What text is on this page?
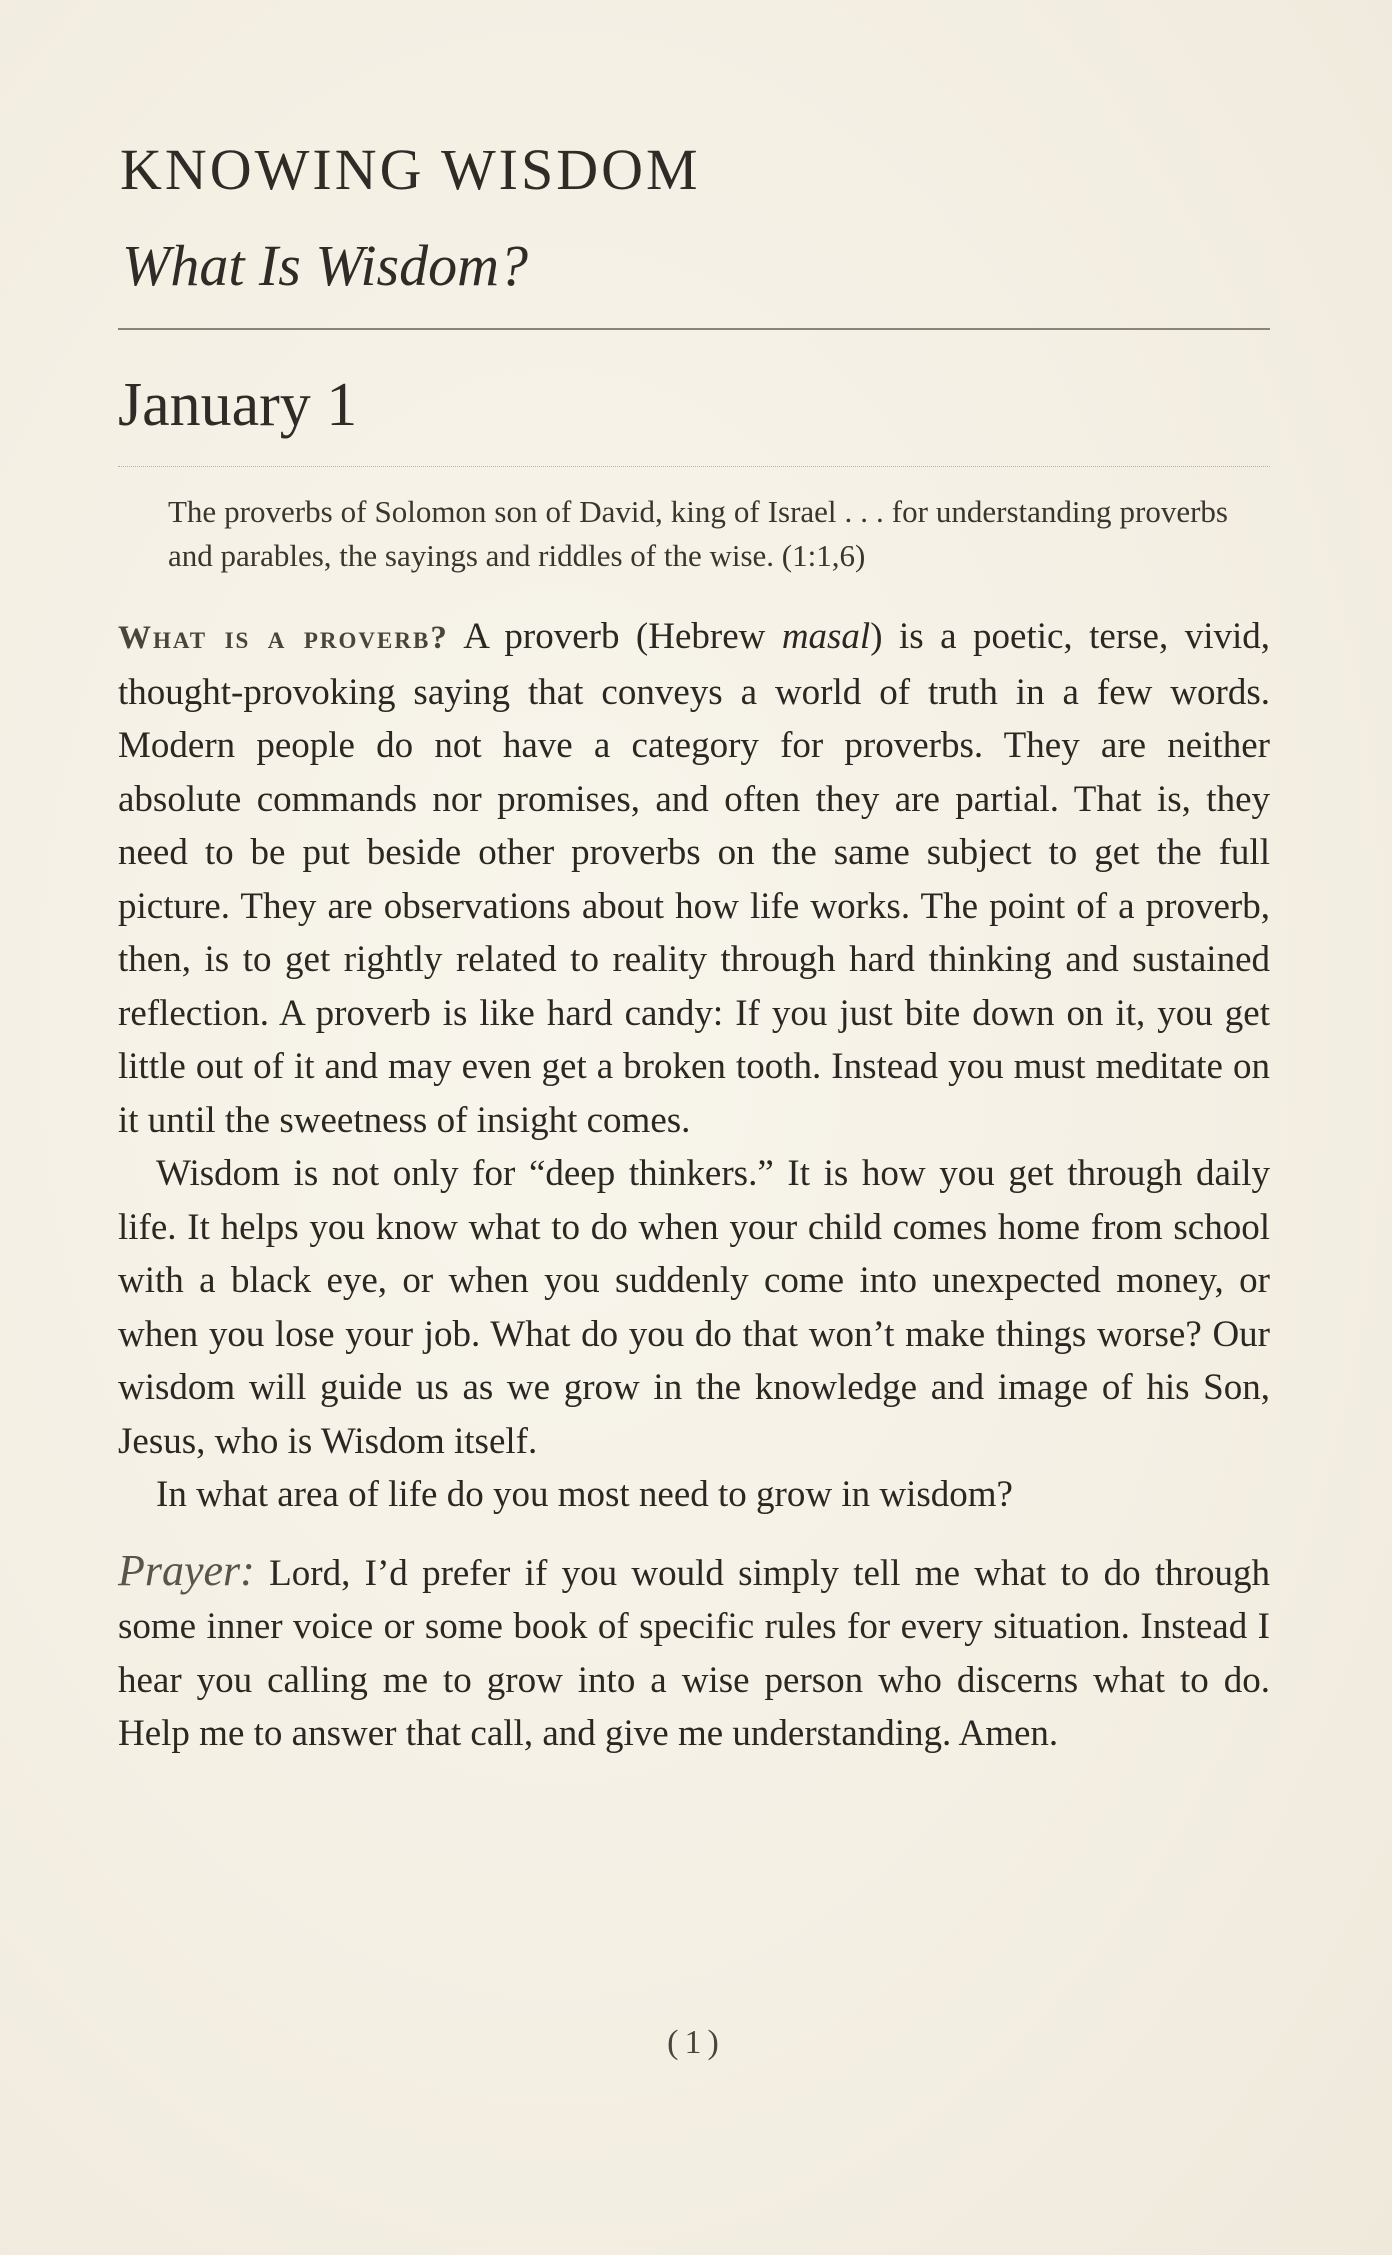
KNOWING WISDOM
What Is Wisdom?
January 1

The proverbs of Solomon son of David, king of Israel . . . for understanding proverbs and parables, the sayings and riddles of the wise. (1:1,6)

What is a proverb? A proverb (Hebrew masal) is a poetic, terse, vivid, thought-provoking saying that conveys a world of truth in a few words. Modern people do not have a category for proverbs. They are neither absolute commands nor promises, and often they are partial. That is, they need to be put beside other proverbs on the same subject to get the full picture. They are observations about how life works. The point of a proverb, then, is to get rightly related to reality through hard thinking and sustained reflection. A proverb is like hard candy: If you just bite down on it, you get little out of it and may even get a broken tooth. Instead you must meditate on it until the sweetness of insight comes.

Wisdom is not only for “deep thinkers.” It is how you get through daily life. It helps you know what to do when your child comes home from school with a black eye, or when you suddenly come into unexpected money, or when you lose your job. What do you do that won’t make things worse? Our wisdom will guide us as we grow in the knowledge and image of his Son, Jesus, who is Wisdom itself.

In what area of life do you most need to grow in wisdom?

Prayer: Lord, I’d prefer if you would simply tell me what to do through some inner voice or some book of specific rules for every situation. Instead I hear you calling me to grow into a wise person who discerns what to do. Help me to answer that call, and give me understanding. Amen.

(1)
